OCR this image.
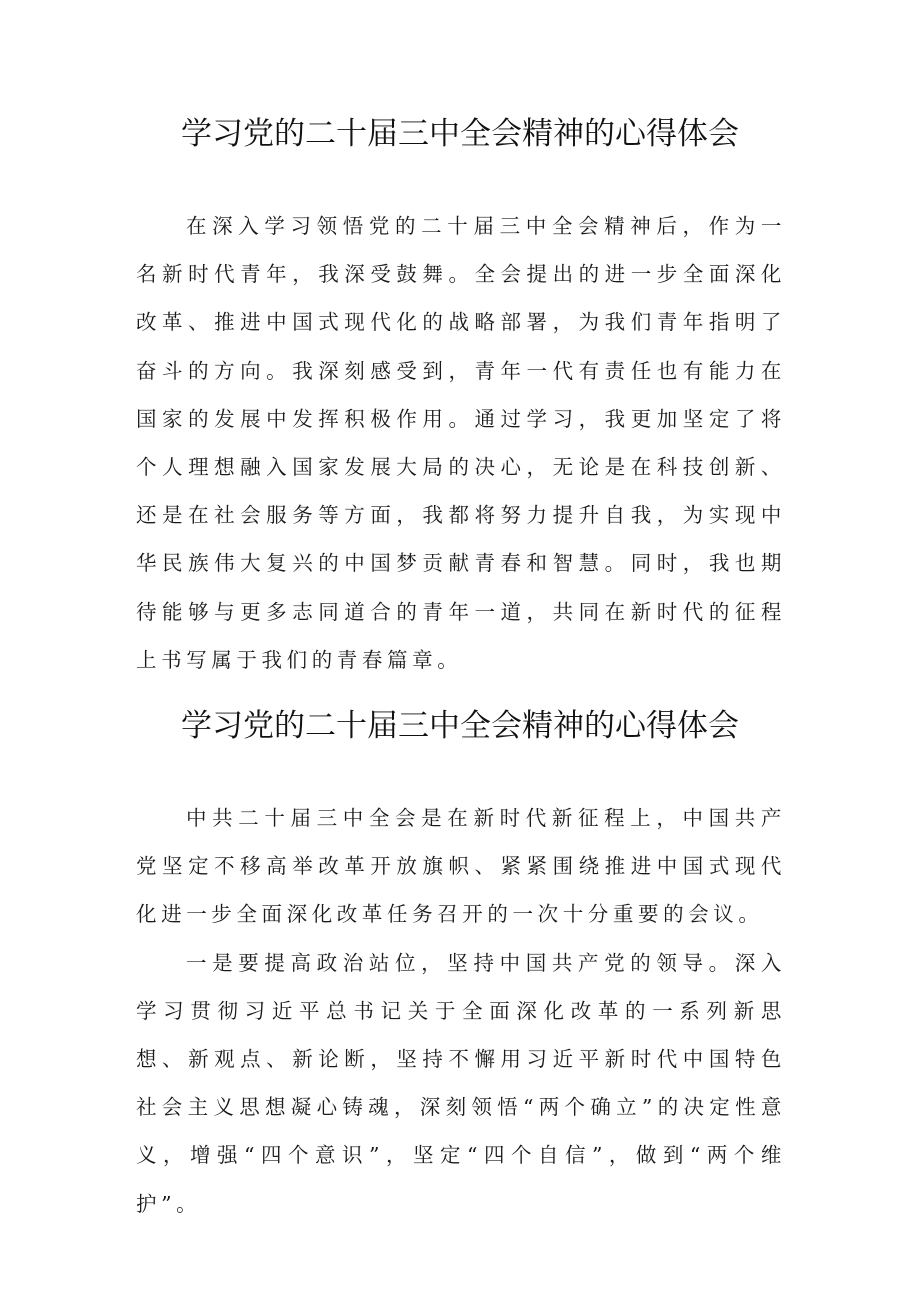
学习党的二十届三中全会精神的心得体会

在深入学习领悟党的二十届三中全会精神后，作为一名新时代青年，我深受鼓舞。全会提出的进一步全面深化改革、推进中国式现代化的战略部署，为我们青年指明了奋斗的方向。我深刻感受到，青年一代有责任也有能力在国家的发展中发挥积极作用。通过学习，我更加坚定了将个人理想融入国家发展大局的决心，无论是在科技创新、还是在社会服务等方面，我都将努力提升自我，为实现中华民族伟大复兴的中国梦贡献青春和智慧。同时，我也期待能够与更多志同道合的青年一道，共同在新时代的征程上书写属于我们的青春篇章。

学习党的二十届三中全会精神的心得体会

中共二十届三中全会是在新时代新征程上，中国共产党坚定不移高举改革开放旗帜、紧紧围绕推进中国式现代化进一步全面深化改革任务召开的一次十分重要的会议。

一是要提高政治站位，坚持中国共产党的领导。深入学习贯彻习近平总书记关于全面深化改革的一系列新思想、新观点、新论断，坚持不懈用习近平新时代中国特色社会主义思想凝心铸魂，深刻领悟“两个确立”的决定性意义，增强“四个意识”，坚定“四个自信”，做到“两个维护”。
